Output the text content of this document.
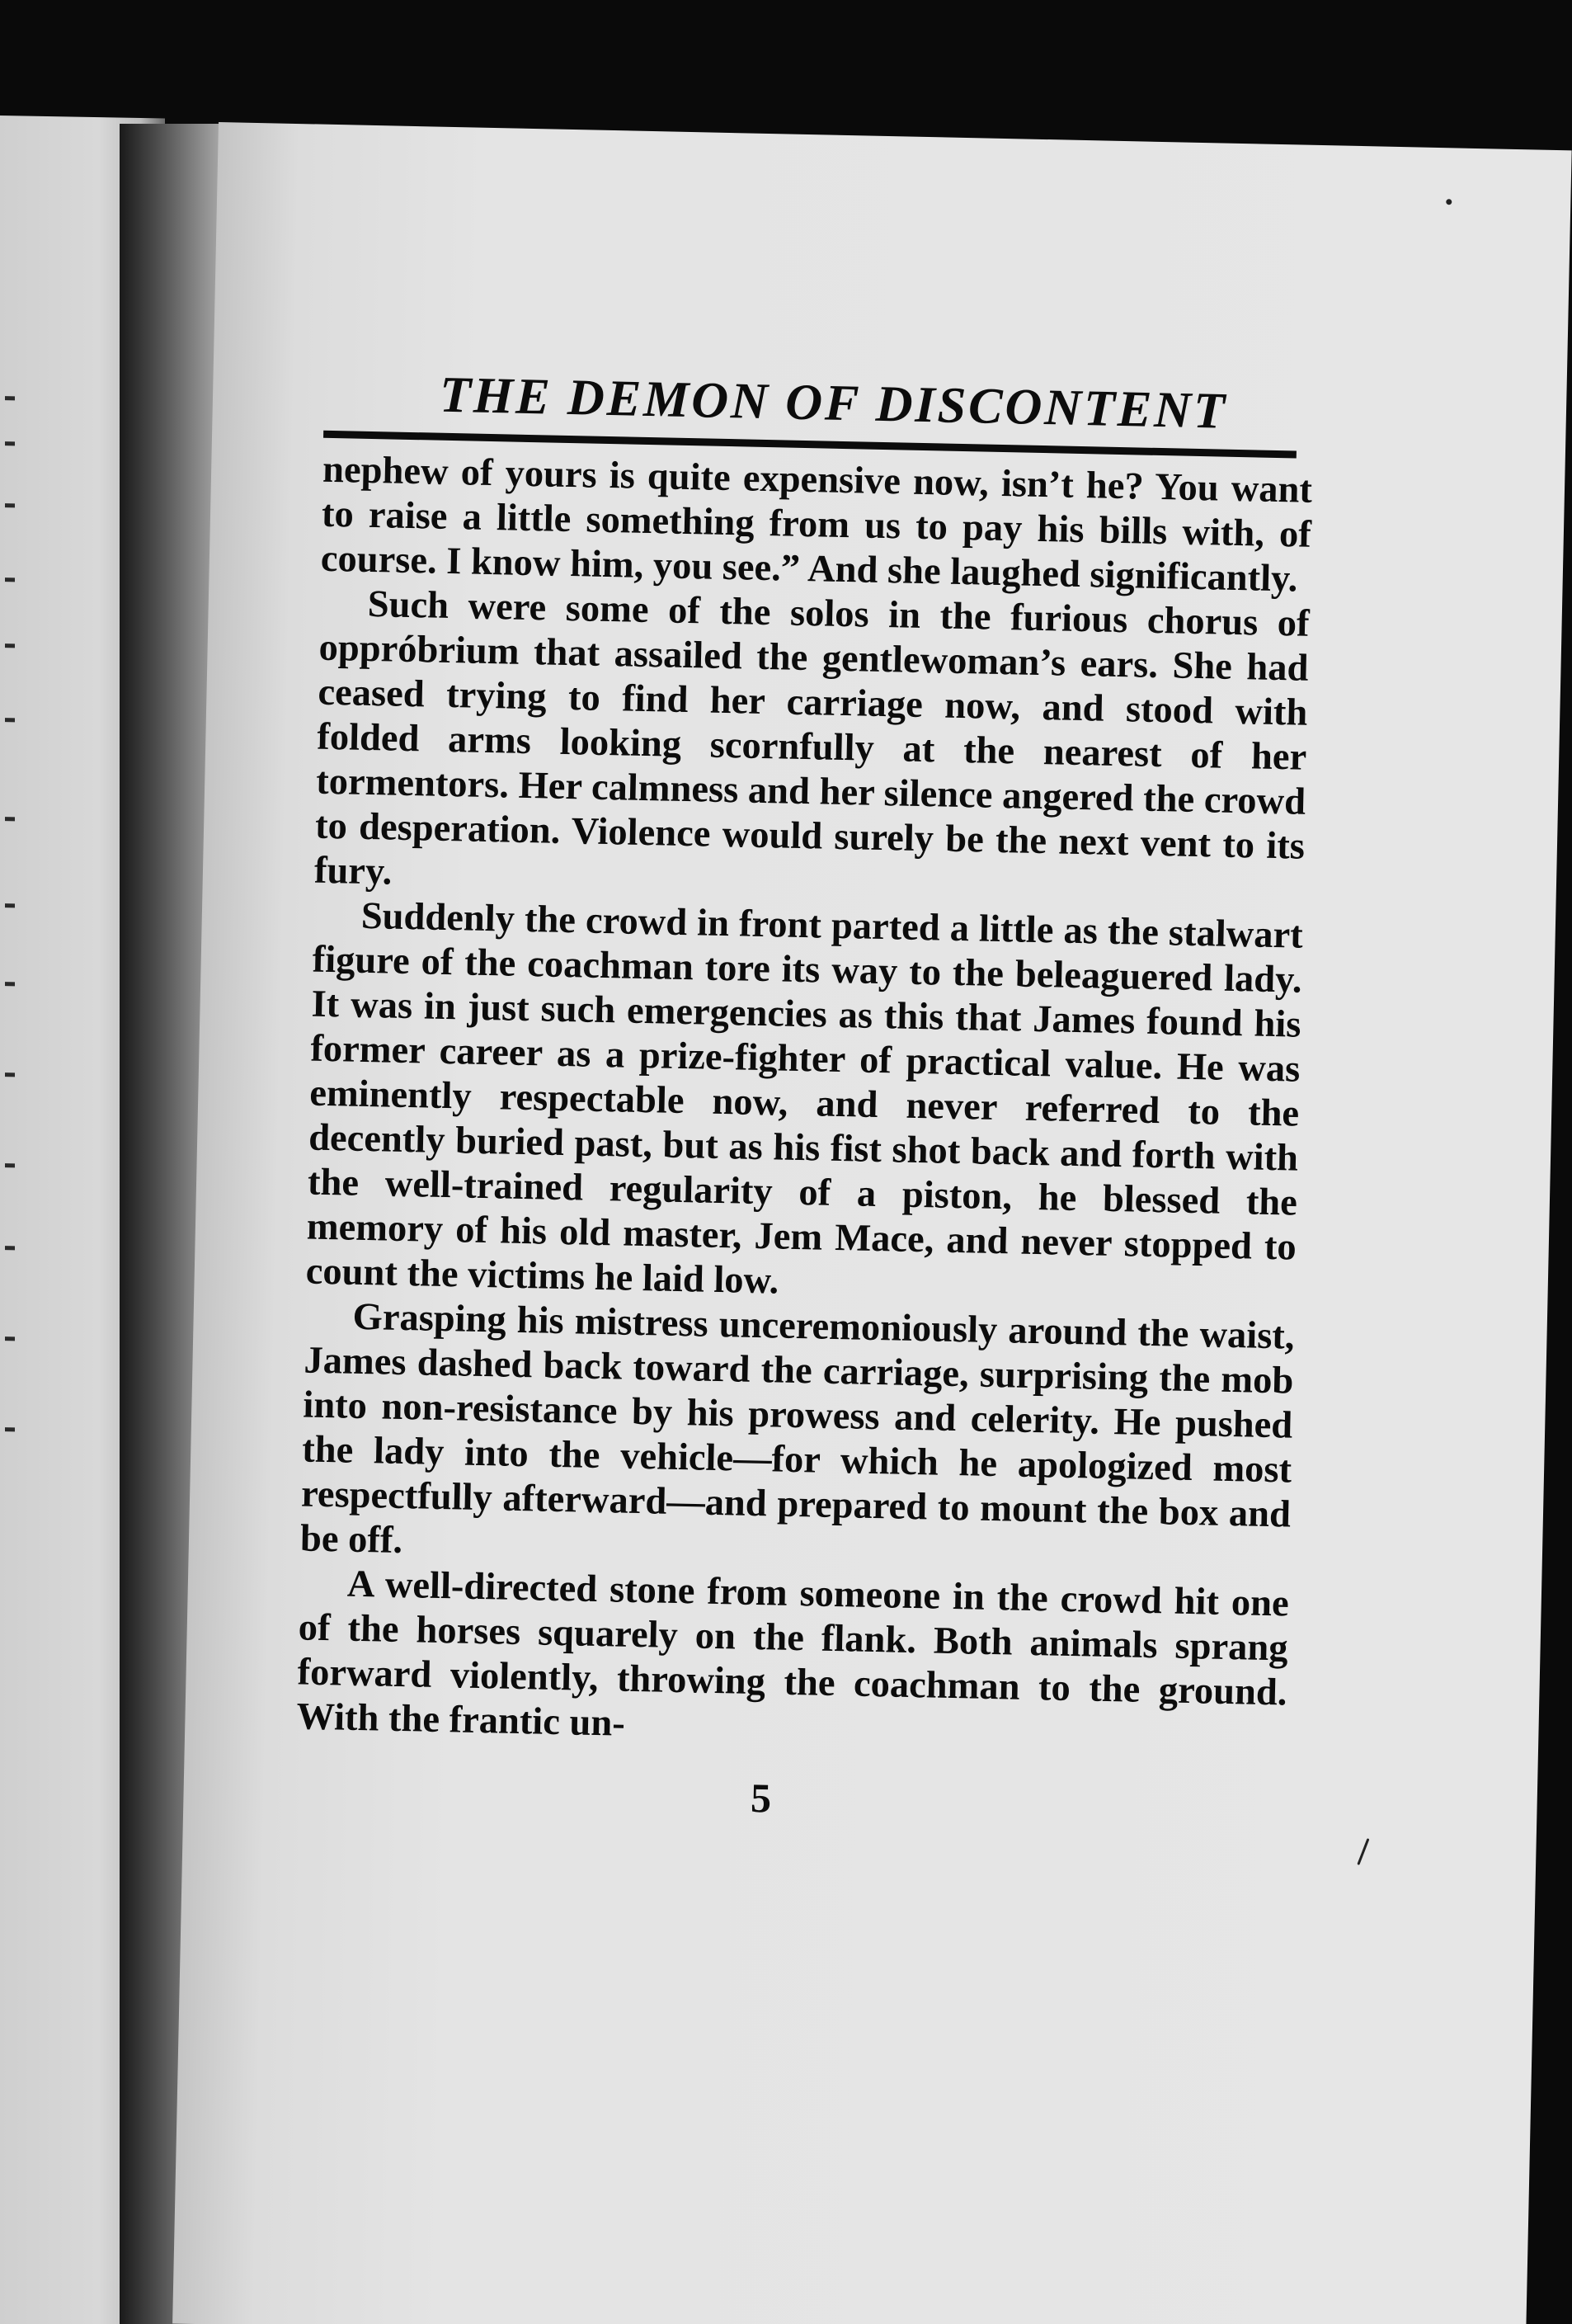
THE DEMON OF DISCONTENT

nephew of yours is quite expensive now, isn’t he? You want to raise a little something from us to pay his bills with, of course. I know him, you see.” And she laughed significantly.

Such were some of the solos in the furious chorus of oppróbrium that assailed the gentlewoman’s ears. She had ceased trying to find her carriage now, and stood with folded arms looking scornfully at the nearest of her tormentors. Her calmness and her silence angered the crowd to desperation. Violence would surely be the next vent to its fury.

Suddenly the crowd in front parted a little as the stalwart figure of the coachman tore its way to the beleaguered lady. It was in just such emergencies as this that James found his former career as a prize-fighter of practical value. He was eminently respectable now, and never referred to the decently buried past, but as his fist shot back and forth with the well-trained regularity of a piston, he blessed the memory of his old master, Jem Mace, and never stopped to count the victims he laid low.

Grasping his mistress unceremoniously around the waist, James dashed back toward the carriage, surprising the mob into non-resistance by his prowess and celerity. He pushed the lady into the vehicle—for which he apologized most respectfully afterward—and prepared to mount the box and be off.

A well-directed stone from someone in the crowd hit one of the horses squarely on the flank. Both animals sprang forward violently, throwing the coachman to the ground. With the frantic un-

5
